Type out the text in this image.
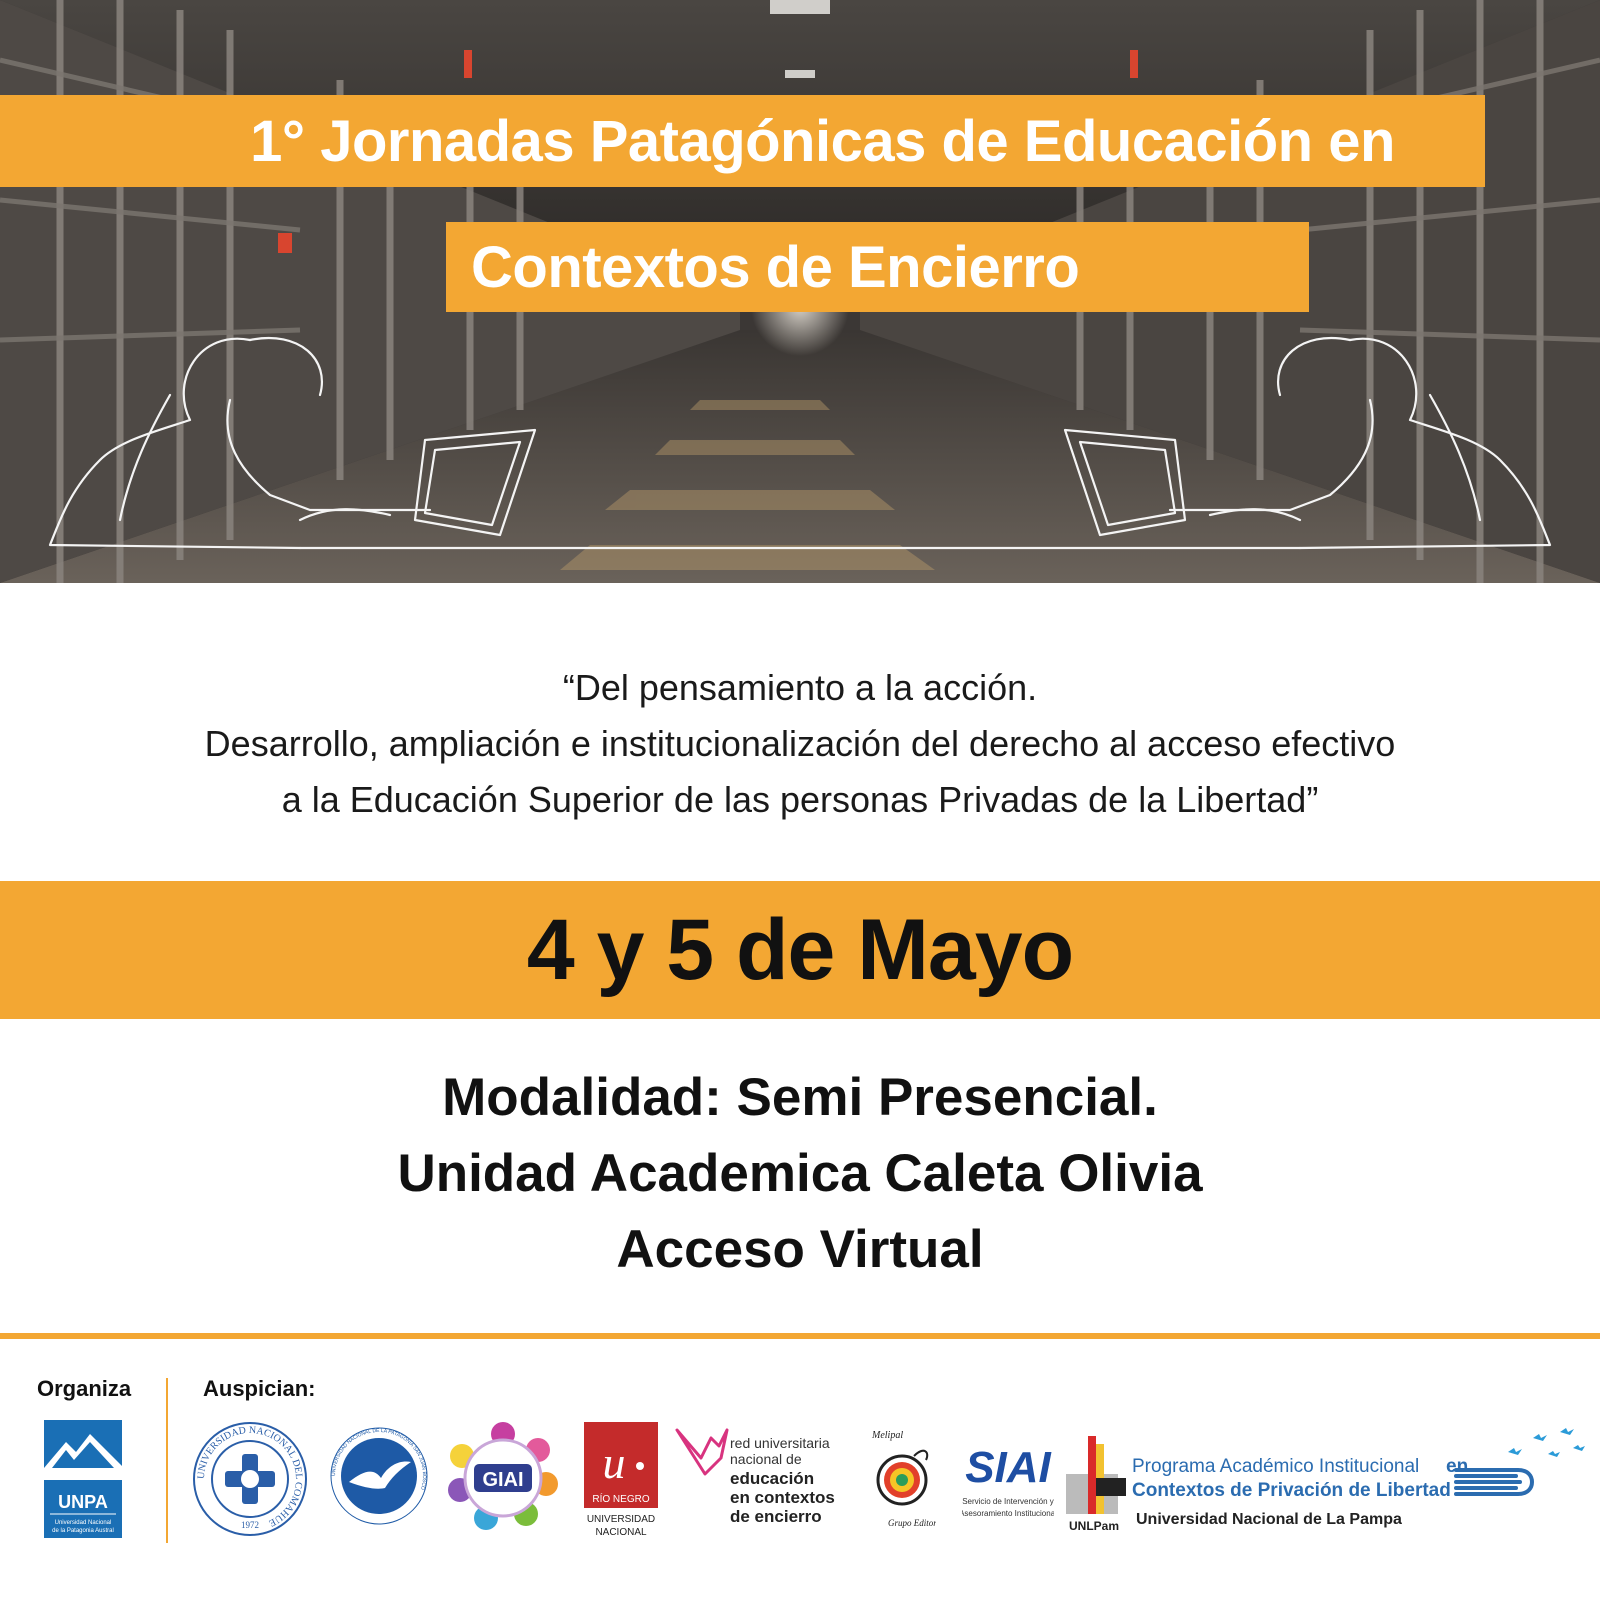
1° Jornadas Patagónicas de Educación en
Contextos de Encierro
“Del pensamiento a la acción.
Desarrollo, ampliación e institucionalización del derecho al acceso efectivo
a la Educación Superior de las personas Privadas de la Libertad”
4 y 5 de Mayo
Modalidad: Semi Presencial.
Unidad Academica Caleta Olivia
Acceso Virtual
Organiza	Auspician:
UNPA
Universidad Nacional
de la Patagonia Austral
UNIVERSIDAD NACIONAL DEL COMAHUE
1972
UNIVERSIDAD NACIONAL DE LA PATAGONIA SAN JUAN BOSCO	GIAI u
RÍO NEGRO
UNIVERSIDAD
NACIONAL
red universitaria
nacional de
educación
en contextos
de encierro
Melipal
Grupo Editor
SIAI
Servicio de Intervención y
Asesoramiento Institucional
UNLPam
Programa Académico Institucional en
Contextos de Privación de Libertad
Universidad Nacional de La Pampa
